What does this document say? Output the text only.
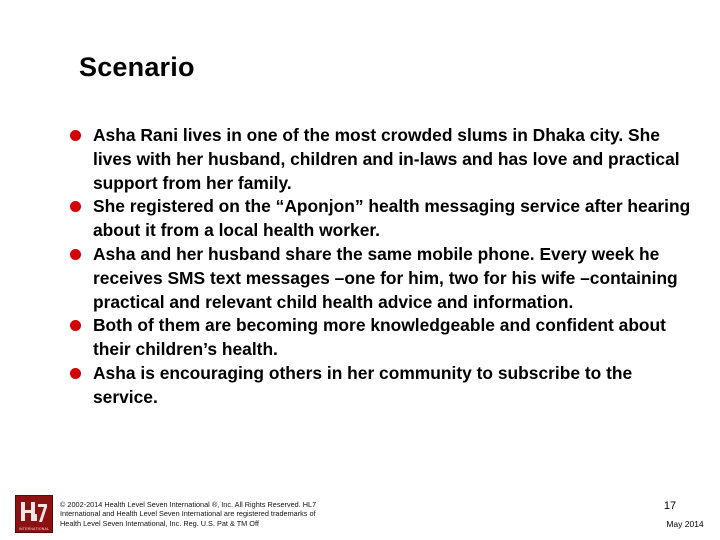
Scenario
Asha Rani lives in one of the most crowded slums in Dhaka city. She lives with her husband, children and in-laws and has love and practical support from her family.
She registered on the “Aponjon” health messaging service after hearing about it from a local health worker.
Asha and her husband share the same mobile phone. Every week he receives SMS text messages –one for him, two for his wife –containing practical and relevant child health advice and information.
Both of them are becoming more knowledgeable and confident about their children’s health.
Asha is encouraging others in her community to subscribe to the service.
INTERNATIONAL
© 2002-2014 Health Level Seven International ®, Inc. All Rights Reserved. HL7
International and Health Level Seven International are registered trademarks of
Health Level Seven International, Inc. Reg. U.S. Pat & TM Off
17
May 2014
